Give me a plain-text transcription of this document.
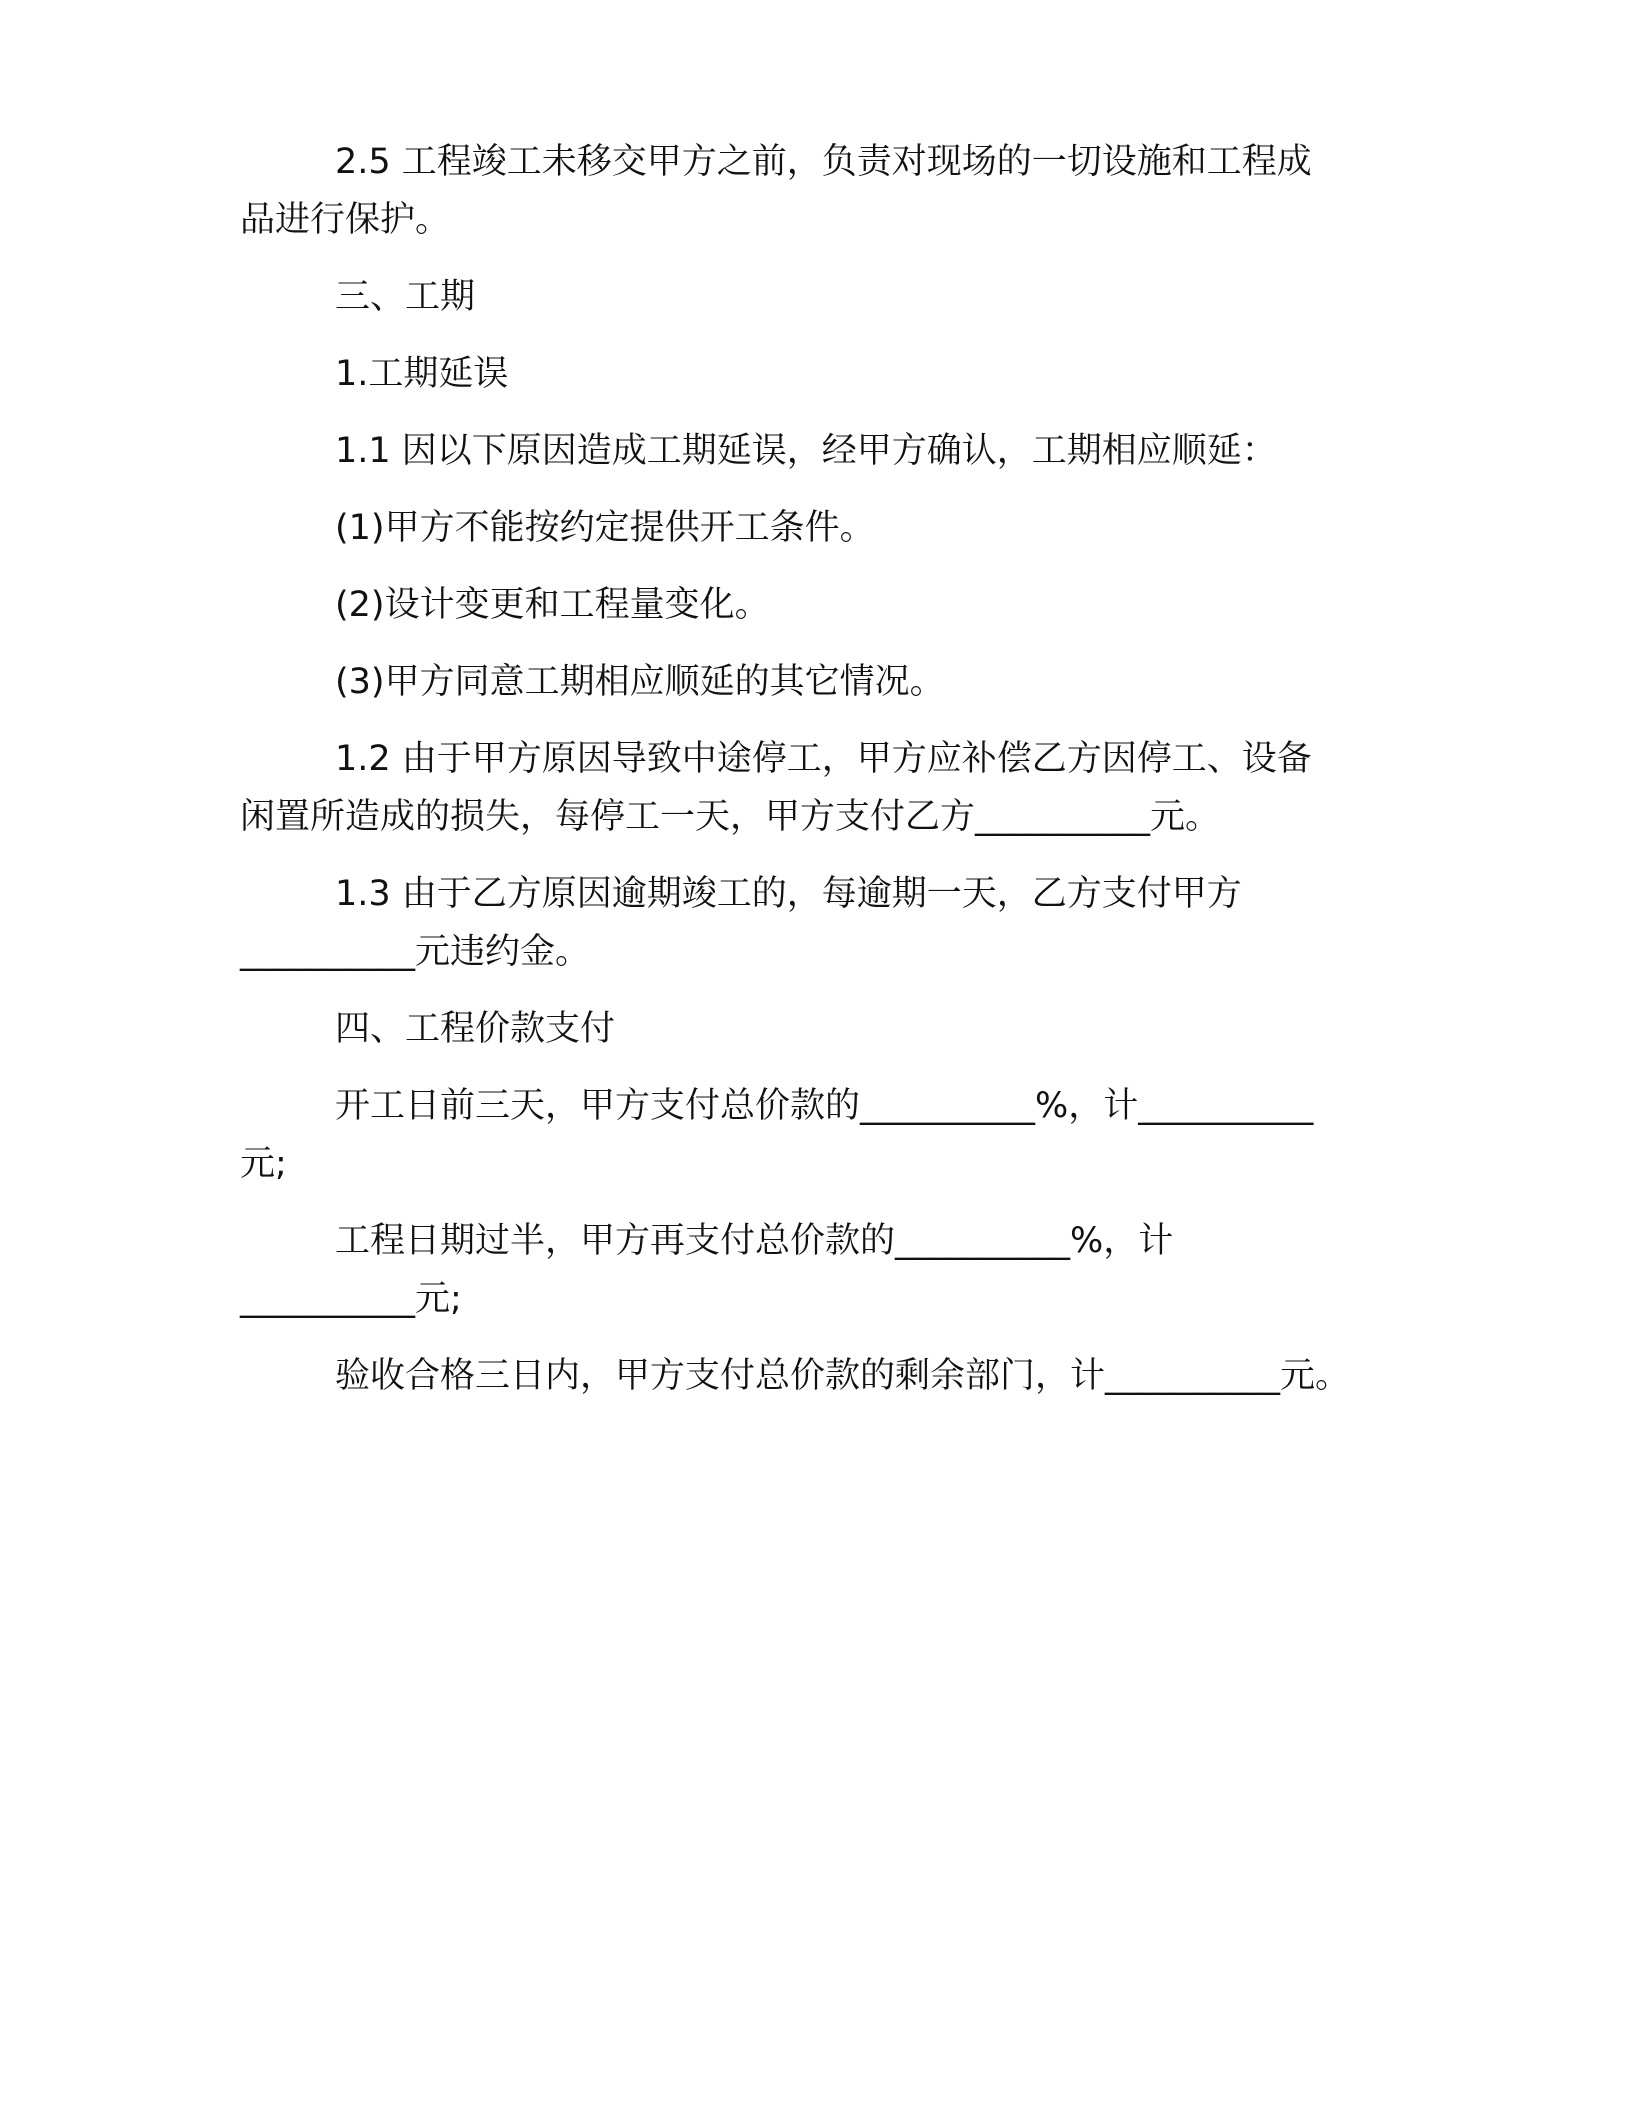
2.5 工程竣工未移交甲方之前，负责对现场的一切设施和工程成
品进行保护。
三、工期
1.工期延误
1.1 因以下原因造成工期延误，经甲方确认，工期相应顺延：
(1)甲方不能按约定提供开工条件。
(2)设计变更和工程量变化。
(3)甲方同意工期相应顺延的其它情况。
1.2 由于甲方原因导致中途停工，甲方应补偿乙方因停工、设备
闲置所造成的损失，每停工一天，甲方支付乙方__________元。
1.3 由于乙方原因逾期竣工的，每逾期一天，乙方支付甲方
__________元违约金。
四、工程价款支付
开工日前三天，甲方支付总价款的__________%，计__________
元;
工程日期过半，甲方再支付总价款的__________%，计
__________元;
验收合格三日内，甲方支付总价款的剩余部门，计__________元。
